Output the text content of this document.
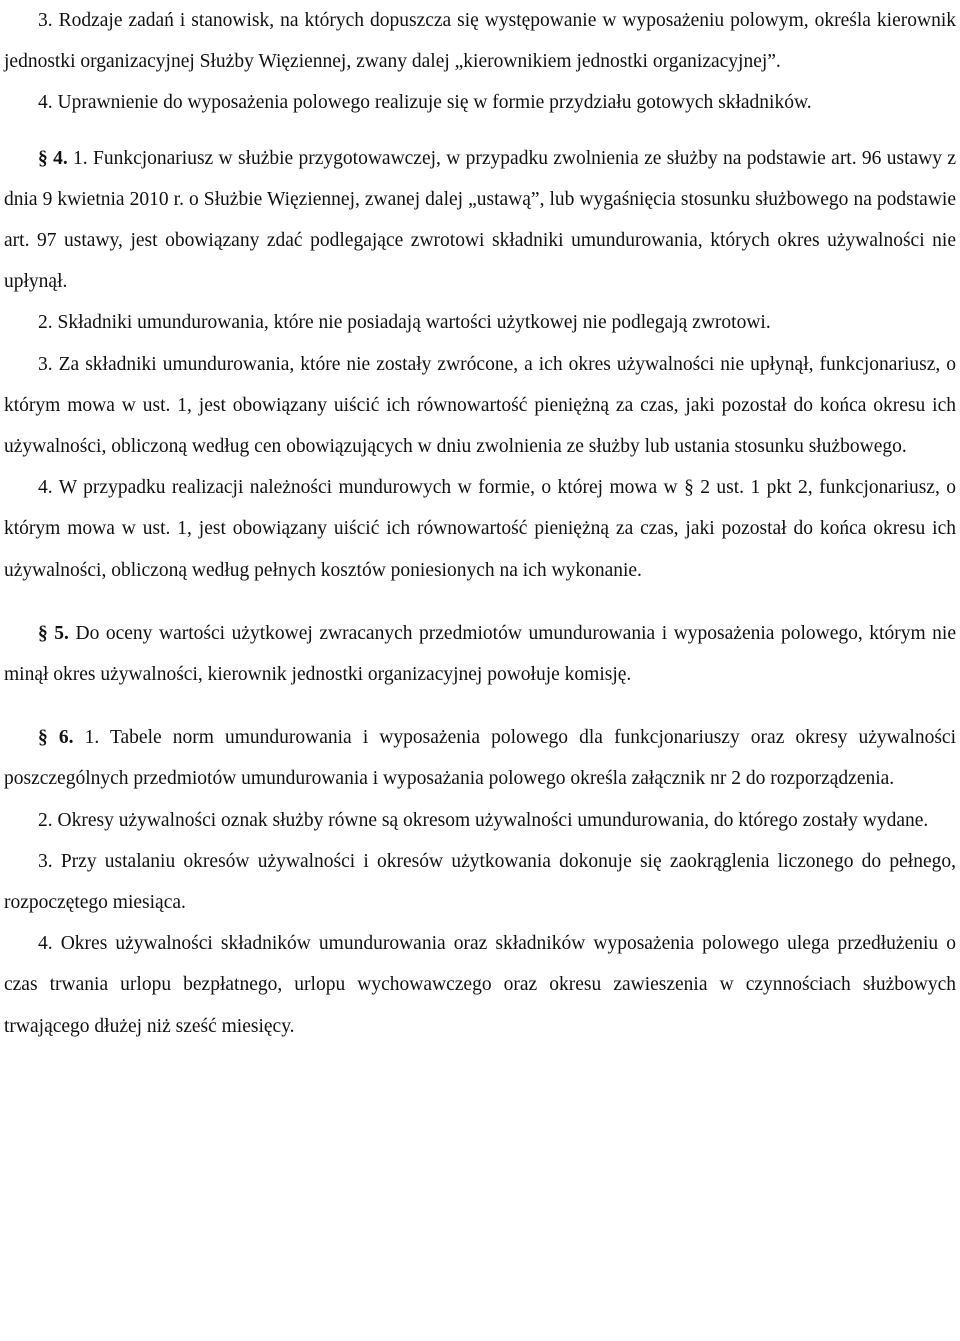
3. Rodzaje zadań i stanowisk, na których dopuszcza się występowanie w wyposażeniu polowym, określa kierownik jednostki organizacyjnej Służby Więziennej, zwany dalej „kierownikiem jednostki organizacyjnej”.

4. Uprawnienie do wyposażenia polowego realizuje się w formie przydziału gotowych składników.

§ 4. 1. Funkcjonariusz w służbie przygotowawczej, w przypadku zwolnienia ze służby na podstawie art. 96 ustawy z dnia 9 kwietnia 2010 r. o Służbie Więziennej, zwanej dalej „ustawą”, lub wygaśnięcia stosunku służbowego na podstawie art. 97 ustawy, jest obowiązany zdać podlegające zwrotowi składniki umundurowania, których okres używalności nie upłynął.

2. Składniki umundurowania, które nie posiadają wartości użytkowej nie podlegają zwrotowi.

3. Za składniki umundurowania, które nie zostały zwrócone, a ich okres używalności nie upłynął, funkcjonariusz, o którym mowa w ust. 1, jest obowiązany uiścić ich równowartość pieniężną za czas, jaki pozostał do końca okresu ich używalności, obliczoną według cen obowiązujących w dniu zwolnienia ze służby lub ustania stosunku służbowego.

4. W przypadku realizacji należności mundurowych w formie, o której mowa w § 2 ust. 1 pkt 2, funkcjonariusz, o którym mowa w ust. 1, jest obowiązany uiścić ich równowartość pieniężną za czas, jaki pozostał do końca okresu ich używalności, obliczoną według pełnych kosztów poniesionych na ich wykonanie.

§ 5. Do oceny wartości użytkowej zwracanych przedmiotów umundurowania i wyposażenia polowego, którym nie minął okres używalności, kierownik jednostki organizacyjnej powołuje komisję.

§ 6. 1. Tabele norm umundurowania i wyposażenia polowego dla funkcjonariuszy oraz okresy używalności poszczególnych przedmiotów umundurowania i wyposażania polowego określa załącznik nr 2 do rozporządzenia.

2. Okresy używalności oznak służby równe są okresom używalności umundurowania, do którego zostały wydane.

3. Przy ustalaniu okresów używalności i okresów użytkowania dokonuje się zaokrąglenia liczonego do pełnego, rozpoczętego miesiąca.

4. Okres używalności składników umundurowania oraz składników wyposażenia polowego ulega przedłużeniu o czas trwania urlopu bezpłatnego, urlopu wychowawczego oraz okresu zawieszenia w czynnościach służbowych trwającego dłużej niż sześć miesięcy.
